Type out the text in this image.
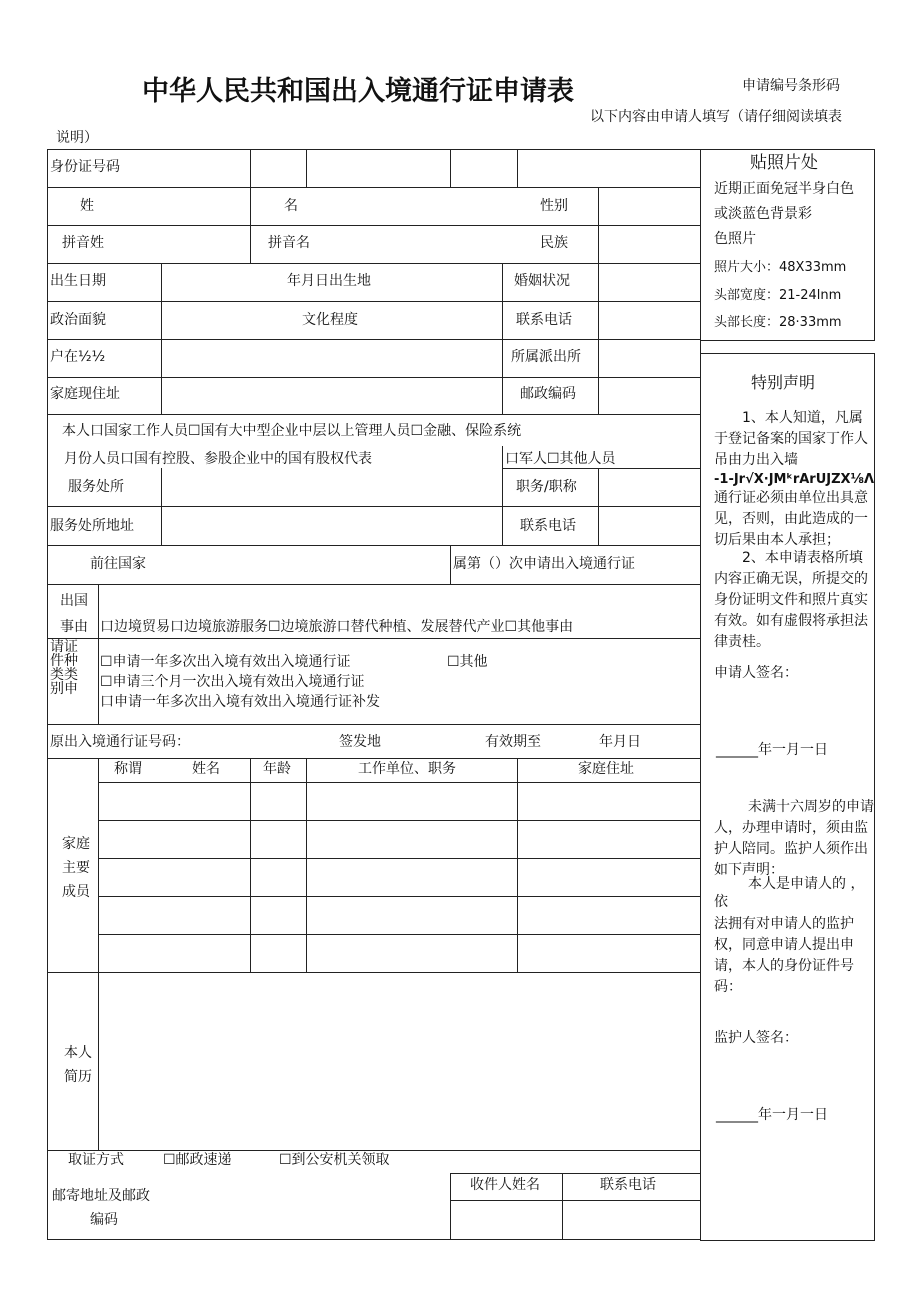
中华人民共和国出入境通行证申请表	申请编号条形码
以下内容由申请人填写（请仔细阅读填表
说明）
身份证号码
姓	名	性别
拼音姓	拼音名	民族
出生日期	年月日出生地	婚姻状况
政治面貌	文化程度	联系电话
户在½½	所属派出所
家庭现住址	邮政编码
本人口国家工作人员☐国有大中型企业中层以上管理人员☐金融、保险系统
月份人员口国有控股、参股企业中的国有股权代表	口军人☐其他人员
服务处所	职务/职称
服务处所地址	联系电话
前往国家	属第（）次申请出入境通行证
出国
事由 口边境贸易口边境旅游服务☐边境旅游口替代种植、发展替代产业☐其他事由
请证件种类类别申
☐申请一年多次出入境有效出入境通行证	☐其他
☐申请三个月一次出入境有效出入境通行证
口申请一年多次出入境有效出入境通行证补发
原出入境通行证号码：	签发地	有效期至	年月日
家庭主要成员
称谓	姓名	年龄	工作单位、职务	家庭住址
本人简历
取证方式	☐邮政速递	☐到公安机关领取
邮寄地址及邮政
编码
收件人姓名	联系电话
贴照片处
近期正面免冠半身白色
或淡蓝色背景彩
色照片
照片大小：48X33mm
头部宽度：21-24lnm
头部长度：28·33mm
特别声明
1、本人知道，凡属于登记备案的国家丁作人吊由力出入墙
-1-Jr√X·JMᵏrArUJZX⅛Λ
通行证必须由单位出具意见，否则，由此造成的一切后果由本人承担；
2、本申请表格所填内容正确无误，所提交的身份证明文件和照片真实有效。如有虚假将承担法律责桂。
申请人签名：
______年一月一日
未满十六周岁的申请人，办理申请时，须由监护人陪同。监护人须作出如下声明：
本人是申请人的 ，
依
法拥有对申请人的监护权，同意申请人提出申请，本人的身份证件号码：
监护人签名：
______年一月一日
